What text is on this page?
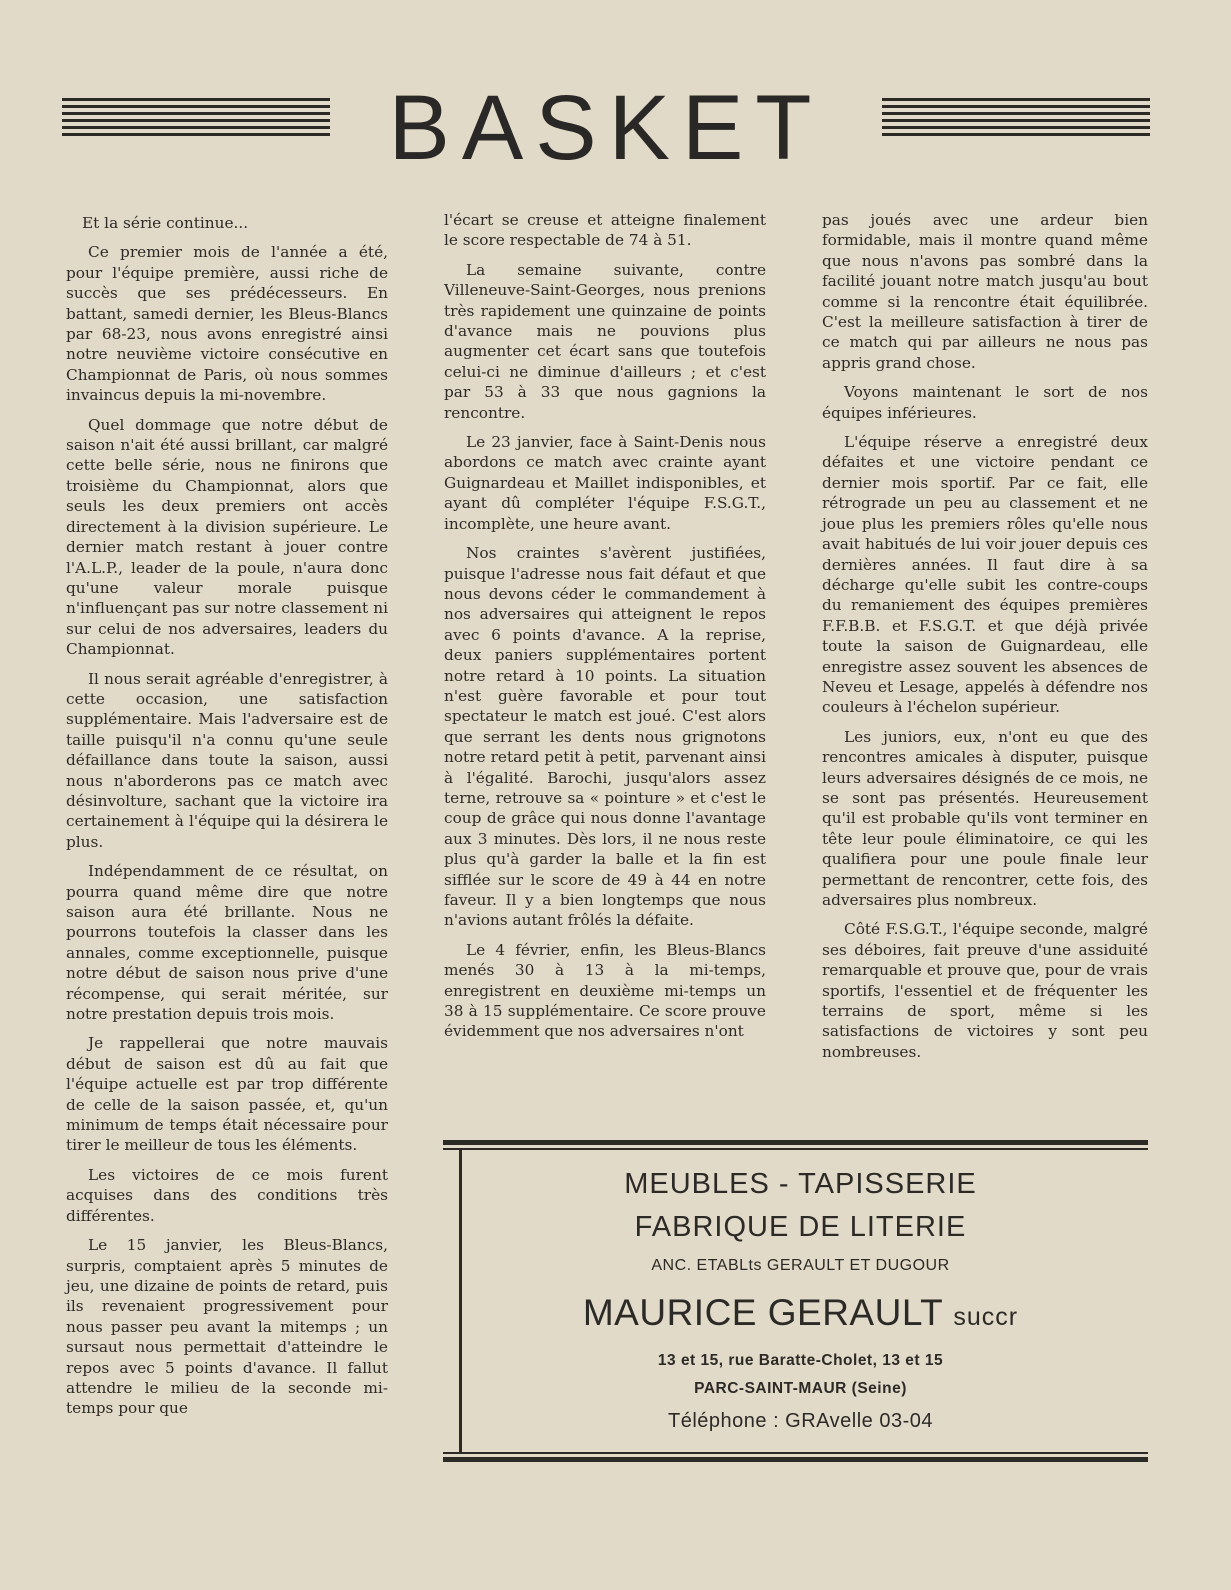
BASKET

Et la série continue...

Ce premier mois de l'année a été, pour l'équipe première, aussi riche de succès que ses prédécesseurs. En battant, samedi dernier, les Bleus-Blancs par 68-23, nous avons enregistré ainsi notre neuvième victoire consécutive en Championnat de Paris, où nous sommes invaincus depuis la mi-novembre.

Quel dommage que notre début de saison n'ait été aussi brillant, car malgré cette belle série, nous ne finirons que troisième du Championnat, alors que seuls les deux premiers ont accès directement à la division supérieure. Le dernier match restant à jouer contre l'A.L.P., leader de la poule, n'aura donc qu'une valeur morale puisque n'influençant pas sur notre classement ni sur celui de nos adversaires, leaders du Championnat.

Il nous serait agréable d'enregistrer, à cette occasion, une satisfaction supplémentaire. Mais l'adversaire est de taille puisqu'il n'a connu qu'une seule défaillance dans toute la saison, aussi nous n'aborderons pas ce match avec désinvolture, sachant que la victoire ira certainement à l'équipe qui la désirera le plus.

Indépendamment de ce résultat, on pourra quand même dire que notre saison aura été brillante. Nous ne pourrons toutefois la classer dans les annales, comme exceptionnelle, puisque notre début de saison nous prive d'une récompense, qui serait méritée, sur notre prestation depuis trois mois.

Je rappellerai que notre mauvais début de saison est dû au fait que l'équipe actuelle est par trop différente de celle de la saison passée, et, qu'un minimum de temps était nécessaire pour tirer le meilleur de tous les éléments.

Les victoires de ce mois furent acquises dans des conditions très différentes.

Le 15 janvier, les Bleus-Blancs, surpris, comptaient après 5 minutes de jeu, une dizaine de points de retard, puis ils revenaient progressivement pour nous passer peu avant la mitemps ; un sursaut nous permettait d'atteindre le repos avec 5 points d'avance. Il fallut attendre le milieu de la seconde mi-temps pour que

l'écart se creuse et atteigne finalement le score respectable de 74 à 51.

La semaine suivante, contre Villeneuve-Saint-Georges, nous prenions très rapidement une quinzaine de points d'avance mais ne pouvions plus augmenter cet écart sans que toutefois celui-ci ne diminue d'ailleurs ; et c'est par 53 à 33 que nous gagnions la rencontre.

Le 23 janvier, face à Saint-Denis nous abordons ce match avec crainte ayant Guignardeau et Maillet indisponibles, et ayant dû compléter l'équipe F.S.G.T., incomplète, une heure avant.

Nos craintes s'avèrent justifiées, puisque l'adresse nous fait défaut et que nous devons céder le commandement à nos adversaires qui atteignent le repos avec 6 points d'avance. A la reprise, deux paniers supplémentaires portent notre retard à 10 points. La situation n'est guère favorable et pour tout spectateur le match est joué. C'est alors que serrant les dents nous grignotons notre retard petit à petit, parvenant ainsi à l'égalité. Barochi, jusqu'alors assez terne, retrouve sa « pointure » et c'est le coup de grâce qui nous donne l'avantage aux 3 minutes. Dès lors, il ne nous reste plus qu'à garder la balle et la fin est sifflée sur le score de 49 à 44 en notre faveur. Il y a bien longtemps que nous n'avions autant frôlés la défaite.

Le 4 février, enfin, les Bleus-Blancs menés 30 à 13 à la mi-temps, enregistrent en deuxième mi-temps un 38 à 15 supplémentaire. Ce score prouve évidemment que nos adversaires n'ont

pas joués avec une ardeur bien formidable, mais il montre quand même que nous n'avons pas sombré dans la facilité jouant notre match jusqu'au bout comme si la rencontre était équilibrée. C'est la meilleure satisfaction à tirer de ce match qui par ailleurs ne nous pas appris grand chose.

Voyons maintenant le sort de nos équipes inférieures.

L'équipe réserve a enregistré deux défaites et une victoire pendant ce dernier mois sportif. Par ce fait, elle rétrograde un peu au classement et ne joue plus les premiers rôles qu'elle nous avait habitués de lui voir jouer depuis ces dernières années. Il faut dire à sa décharge qu'elle subit les contre-coups du remaniement des équipes premières F.F.B.B. et F.S.G.T. et que déjà privée toute la saison de Guignardeau, elle enregistre assez souvent les absences de Neveu et Lesage, appelés à défendre nos couleurs à l'échelon supérieur.

Les juniors, eux, n'ont eu que des rencontres amicales à disputer, puisque leurs adversaires désignés de ce mois, ne se sont pas présentés. Heureusement qu'il est probable qu'ils vont terminer en tête leur poule éliminatoire, ce qui les qualifiera pour une poule finale leur permettant de rencontrer, cette fois, des adversaires plus nombreux.

Côté F.S.G.T., l'équipe seconde, malgré ses déboires, fait preuve d'une assiduité remarquable et prouve que, pour de vrais sportifs, l'essentiel et de fréquenter les terrains de sport, même si les satisfactions de victoires y sont peu nombreuses.

MEUBLES - TAPISSERIE
FABRIQUE DE LITERIE
ANC. ETABLts GERAULT ET DUGOUR
MAURICE GERAULT succr
13 et 15, rue Baratte-Cholet, 13 et 15
PARC-SAINT-MAUR (Seine)
Téléphone : GRAvelle 03-04
